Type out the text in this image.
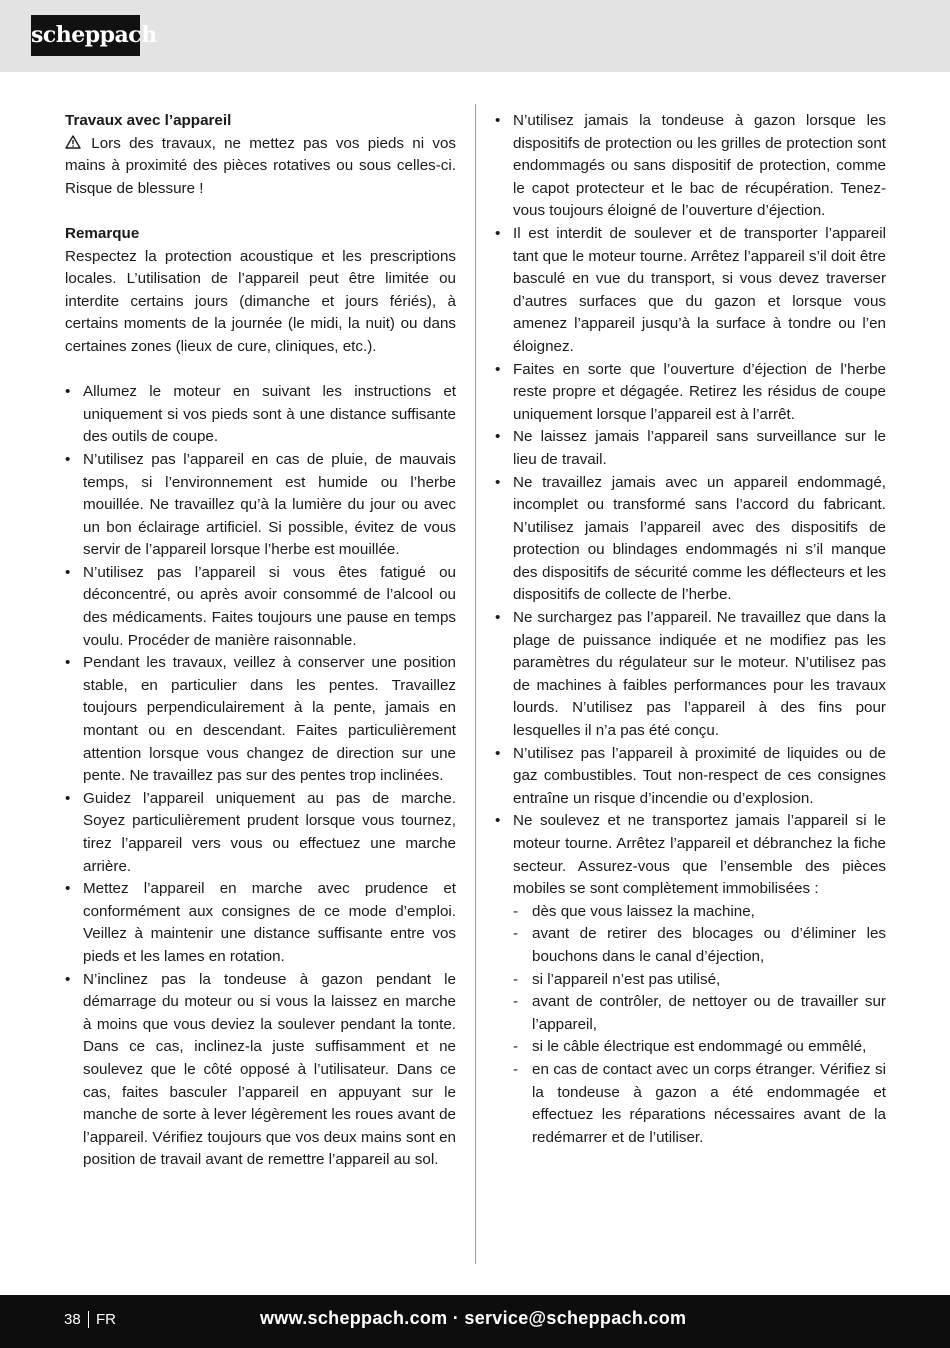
scheppach
Travaux avec l’appareil
Lors des travaux, ne mettez pas vos pieds ni vos mains à proximité des pièces rotatives ou sous celles-ci. Risque de blessure !
Remarque
Respectez la protection acoustique et les prescriptions locales. L’utilisation de l’appareil peut être limitée ou interdite certains jours (dimanche et jours fériés), à certains moments de la journée (le midi, la nuit) ou dans certaines zones (lieux de cure, cliniques, etc.).
• Allumez le moteur en suivant les instructions et uniquement si vos pieds sont à une distance suffisante des outils de coupe.
• N’utilisez pas l’appareil en cas de pluie, de mauvais temps, si l’environnement est humide ou l’herbe mouillée. Ne travaillez qu’à la lumière du jour ou avec un bon éclairage artificiel. Si possible, évitez de vous servir de l’appareil lorsque l’herbe est mouillée.
• N’utilisez pas l’appareil si vous êtes fatigué ou déconcentré, ou après avoir consommé de l’alcool ou des médicaments. Faites toujours une pause en temps voulu. Procéder de manière raisonnable.
• Pendant les travaux, veillez à conserver une position stable, en particulier dans les pentes. Travaillez toujours perpendiculairement à la pente, jamais en montant ou en descendant. Faites particulièrement attention lorsque vous changez de direction sur une pente. Ne travaillez pas sur des pentes trop inclinées.
• Guidez l’appareil uniquement au pas de marche. Soyez particulièrement prudent lorsque vous tournez, tirez l’appareil vers vous ou effectuez une marche arrière.
• Mettez l’appareil en marche avec prudence et conformément aux consignes de ce mode d’emploi. Veillez à maintenir une distance suffisante entre vos pieds et les lames en rotation.
• N’inclinez pas la tondeuse à gazon pendant le démarrage du moteur ou si vous la laissez en marche à moins que vous deviez la soulever pendant la tonte. Dans ce cas, inclinez-la juste suffisamment et ne soulevez que le côté opposé à l’utilisateur. Dans ce cas, faites basculer l’appareil en appuyant sur le manche de sorte à lever légèrement les roues avant de l’appareil. Vérifiez toujours que vos deux mains sont en position de travail avant de remettre l’appareil au sol.
• N’utilisez jamais la tondeuse à gazon lorsque les dispositifs de protection ou les grilles de protection sont endommagés ou sans dispositif de protection, comme le capot protecteur et le bac de récupération. Tenez-vous toujours éloigné de l’ouverture d’éjection.
• Il est interdit de soulever et de transporter l’appareil tant que le moteur tourne. Arrêtez l’appareil s’il doit être basculé en vue du transport, si vous devez traverser d’autres surfaces que du gazon et lorsque vous amenez l’appareil jusqu’à la surface à tondre ou l’en éloignez.
• Faites en sorte que l’ouverture d’éjection de l’herbe reste propre et dégagée. Retirez les résidus de coupe uniquement lorsque l’appareil est à l’arrêt.
• Ne laissez jamais l’appareil sans surveillance sur le lieu de travail.
• Ne travaillez jamais avec un appareil endommagé, incomplet ou transformé sans l’accord du fabricant. N’utilisez jamais l’appareil avec des dispositifs de protection ou blindages endommagés ni s’il manque des dispositifs de sécurité comme les déflecteurs et les dispositifs de collecte de l’herbe.
• Ne surchargez pas l’appareil. Ne travaillez que dans la plage de puissance indiquée et ne modifiez pas les paramètres du régulateur sur le moteur. N’utilisez pas de machines à faibles performances pour les travaux lourds. N’utilisez pas l’appareil à des fins pour lesquelles il n’a pas été conçu.
• N’utilisez pas l’appareil à proximité de liquides ou de gaz combustibles. Tout non-respect de ces consignes entraîne un risque d’incendie ou d’explosion.
• Ne soulevez et ne transportez jamais l’appareil si le moteur tourne. Arrêtez l’appareil et débranchez la fiche secteur. Assurez-vous que l’ensemble des pièces mobiles se sont complètement immobilisées :
- dès que vous laissez la machine,
- avant de retirer des blocages ou d’éliminer les bouchons dans le canal d’éjection,
- si l’appareil n’est pas utilisé,
- avant de contrôler, de nettoyer ou de travailler sur l’appareil,
- si le câble électrique est endommagé ou emmêlé,
- en cas de contact avec un corps étranger. Vérifiez si la tondeuse à gazon a été endommagée et effectuez les réparations nécessaires avant de la redémarrer et de l’utiliser.
38 FR	www.scheppach.com · service@scheppach.com
